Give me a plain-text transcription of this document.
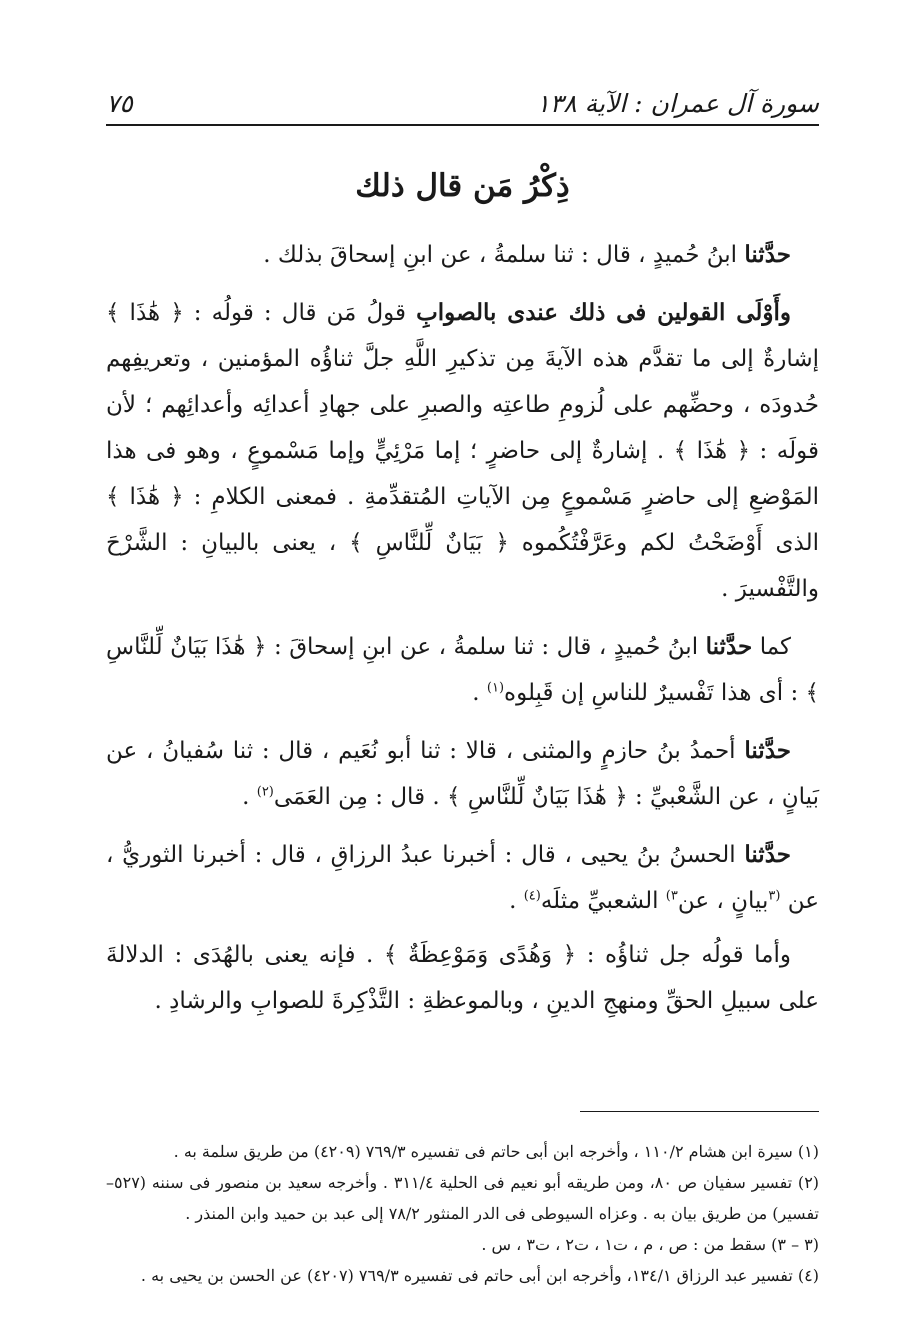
سورة آل عمران : الآية ١٣٨
٧٥
ذِكْرُ مَن قال ذلك

حدَّثنا ابنُ حُميدٍ ، قال : ثنا سلمةُ ، عن ابنِ إسحاقَ بذلك .

وأَوْلَى القولين فى ذلك عندى بالصوابِ قولُ مَن قال : قولُه : ﴿ هَٰذَا ﴾ إشارةٌ إلى ما تقدَّم هذه الآيةَ مِن تذكيرِ اللَّهِ جلَّ ثناؤُه المؤمنين ، وتعريفِهم حُدودَه ، وحضِّهم على لُزومِ طاعتِه والصبرِ على جهادِ أعدائِه وأعدائِهم ؛ لأن قولَه : ﴿ هَٰذَا ﴾ . إشارةٌ إلى حاضرٍ ؛ إما مَرْئِيٍّ وإما مَسْموعٍ ، وهو فى هذا المَوْضعِ إلى حاضرٍ مَسْموعٍ مِن الآياتِ المُتقدِّمةِ . فمعنى الكلامِ : ﴿ هَٰذَا ﴾ الذى أَوْضَحْتُ لكم وعَرَّفْتُكُموه ﴿ بَيَانٌ لِّلنَّاسِ ﴾ ، يعنى بالبيانِ : الشَّرْحَ والتَّفْسيرَ .

كما حدَّثنا ابنُ حُميدٍ ، قال : ثنا سلمةُ ، عن ابنِ إسحاقَ : ﴿ هَٰذَا بَيَانٌ لِّلنَّاسِ ﴾ : أى هذا تَفْسيرٌ للناسِ إن قَبِلوه$^{(١)}$ .

حدَّثنا أحمدُ بنُ حازمٍ والمثنى ، قالا : ثنا أبو نُعَيم ، قال : ثنا سُفيانُ ، عن بَيانٍ ، عن الشَّعْبيِّ : ﴿ هَٰذَا بَيَانٌ لِّلنَّاسِ ﴾ . قال : مِن العَمَى$^{(٢)}$ .

حدَّثنا الحسنُ بنُ يحيى ، قال : أخبرنا عبدُ الرزاقِ ، قال : أخبرنا الثوريُّ ، عن $^{(٣}$بيانٍ ، عن$^{٣)}$ الشعبيِّ مثلَه$^{(٤)}$ .

وأما قولُه جل ثناؤُه : ﴿ وَهُدًى وَمَوْعِظَةٌ ﴾ . فإنه يعنى بالهُدَى : الدلالةَ على سبيلِ الحقِّ ومنهجِ الدينِ ، وبالموعظةِ : التَّذْكِرةَ للصوابِ والرشادِ .

(١) سيرة ابن هشام ١١٠/٢ ، وأخرجه ابن أبى حاتم فى تفسيره ٧٦٩/٣ (٤٢٠٩) من طريق سلمة به .

(٢) تفسير سفيان ص ٨٠، ومن طريقه أبو نعيم فى الحلية ٣١١/٤ . وأخرجه سعيد بن منصور فى سننه (٥٢٧– تفسير) من طريق بيان به . وعزاه السيوطى فى الدر المنثور ٧٨/٢ إلى عبد بن حميد وابن المنذر .

(٣ – ٣) سقط من : ص ، م ، ت١ ، ت٢ ، ت٣ ، س .

(٤) تفسير عبد الرزاق ١٣٤/١، وأخرجه ابن أبى حاتم فى تفسيره ٧٦٩/٣ (٤٢٠٧) عن الحسن بن يحيى به .
